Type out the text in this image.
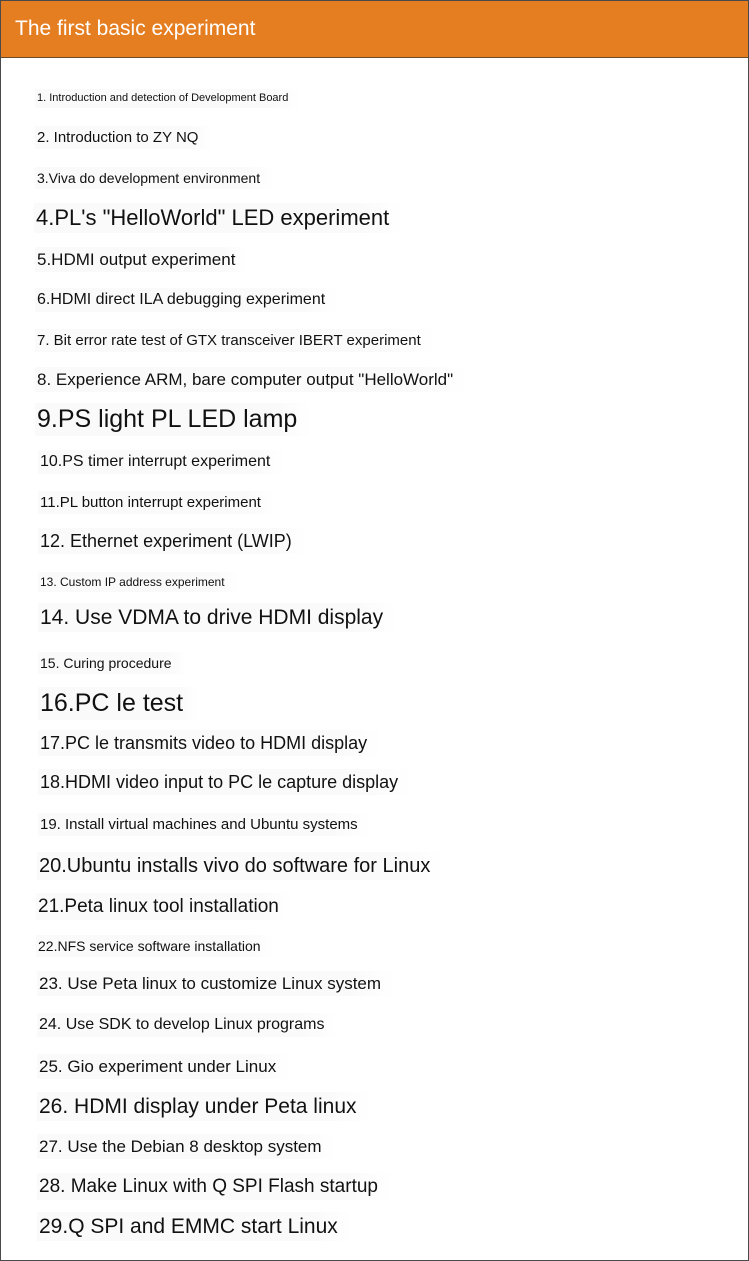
The first basic experiment
1. Introduction and detection of Development Board
2. Introduction to ZY NQ
3.Viva do development environment
4.PL's "HelloWorld" LED experiment
5.HDMI output experiment
6.HDMI direct ILA debugging experiment
7. Bit error rate test of GTX transceiver IBERT experiment
8. Experience ARM, bare computer output "HelloWorld"
9.PS light PL LED lamp
10.PS timer interrupt experiment
11.PL button interrupt experiment
12. Ethernet experiment (LWIP)
13. Custom IP address experiment
14. Use VDMA to drive HDMI display
15. Curing procedure
16.PC le test
17.PC le transmits video to HDMI display
18.HDMI video input to PC le capture display
19. Install virtual machines and Ubuntu systems
20.Ubuntu installs vivo do software for Linux
21.Peta linux tool installation
22.NFS service software installation
23. Use Peta linux to customize Linux system
24. Use SDK to develop Linux programs
25. Gio experiment under Linux
26. HDMI display under Peta linux
27. Use the Debian 8 desktop system
28. Make Linux with Q SPI Flash startup
29.Q SPI and EMMC start Linux
